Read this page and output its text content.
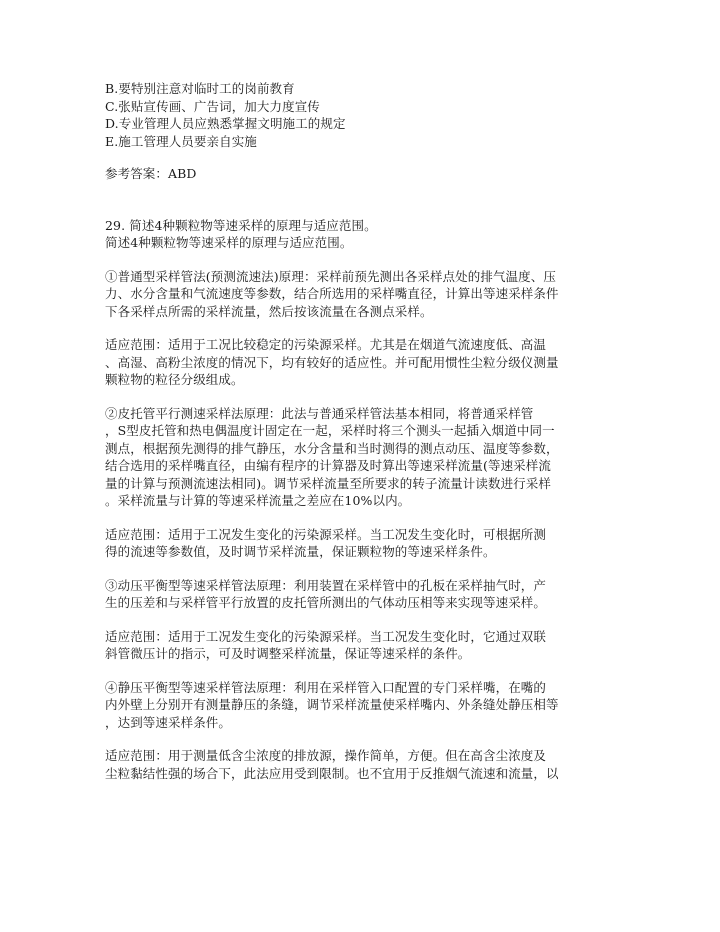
B.要特别注意对临时工的岗前教育
C.张贴宣传画、广告词，加大力度宣传
D.专业管理人员应熟悉掌握文明施工的规定
E.施工管理人员要亲自实施
参考答案：ABD
29. 简述4种颗粒物等速采样的原理与适应范围。
简述4种颗粒物等速采样的原理与适应范围。
①普通型采样管法(预测流速法)原理：采样前预先测出各采样点处的排气温度、压
力、水分含量和气流速度等参数，结合所选用的采样嘴直径，计算出等速采样条件
下各采样点所需的采样流量，然后按该流量在各测点采样。
适应范围：适用于工况比较稳定的污染源采样。尤其是在烟道气流速度低、高温
、高湿、高粉尘浓度的情况下，均有较好的适应性。并可配用惯性尘粒分级仪测量
颗粒物的粒径分级组成。
②皮托管平行测速采样法原理：此法与普通采样管法基本相同，将普通采样管
，S型皮托管和热电偶温度计固定在一起，采样时将三个测头一起插入烟道中同一
测点，根据预先测得的排气静压，水分含量和当时测得的测点动压、温度等参数，
结合选用的采样嘴直径，由编有程序的计算器及时算出等速采样流量(等速采样流
量的计算与预测流速法相同)。调节采样流量至所要求的转子流量计读数进行采样
。采样流量与计算的等速采样流量之差应在10%以内。
适应范围：适用于工况发生变化的污染源采样。当工况发生变化时，可根据所测
得的流速等参数值，及时调节采样流量，保证颗粒物的等速采样条件。
③动压平衡型等速采样管法原理：利用装置在采样管中的孔板在采样抽气时，产
生的压差和与采样管平行放置的皮托管所测出的气体动压相等来实现等速采样。
适应范围：适用于工况发生变化的污染源采样。当工况发生变化时，它通过双联
斜管微压计的指示，可及时调整采样流量，保证等速采样的条件。
④静压平衡型等速采样管法原理：利用在采样管入口配置的专门采样嘴，在嘴的
内外壁上分别开有测量静压的条缝，调节采样流量使采样嘴内、外条缝处静压相等
，达到等速采样条件。
适应范围：用于测量低含尘浓度的排放源，操作简单，方便。但在高含尘浓度及
尘粒黏结性强的场合下，此法应用受到限制。也不宜用于反推烟气流速和流量，以
